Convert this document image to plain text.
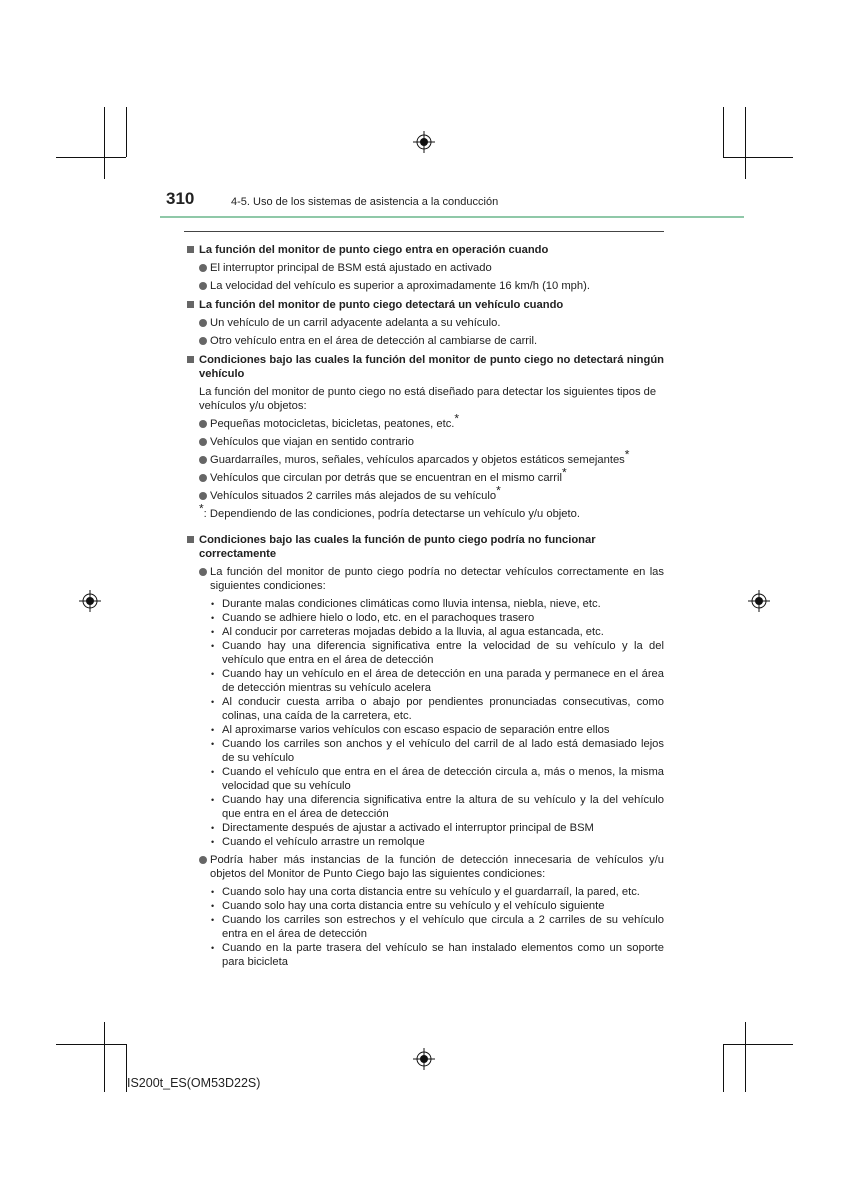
310	4-5. Uso de los sistemas de asistencia a la conducción
La función del monitor de punto ciego entra en operación cuando
El interruptor principal de BSM está ajustado en activado
La velocidad del vehículo es superior a aproximadamente 16 km/h (10 mph).
La función del monitor de punto ciego detectará un vehículo cuando
Un vehículo de un carril adyacente adelanta a su vehículo.
Otro vehículo entra en el área de detección al cambiarse de carril.
Condiciones bajo las cuales la función del monitor de punto ciego no detectará ningún vehículo
La función del monitor de punto ciego no está diseñado para detectar los siguientes tipos de vehículos y/u objetos:
Pequeñas motocicletas, bicicletas, peatones, etc.*
Vehículos que viajan en sentido contrario
Guardarraíles, muros, señales, vehículos aparcados y objetos estáticos semejantes*
Vehículos que circulan por detrás que se encuentran en el mismo carril*
Vehículos situados 2 carriles más alejados de su vehículo*
*: Dependiendo de las condiciones, podría detectarse un vehículo y/u objeto.
Condiciones bajo las cuales la función de punto ciego podría no funcionar correctamente
La función del monitor de punto ciego podría no detectar vehículos correctamente en las siguientes condiciones:
• Durante malas condiciones climáticas como lluvia intensa, niebla, nieve, etc.
• Cuando se adhiere hielo o lodo, etc. en el parachoques trasero
• Al conducir por carreteras mojadas debido a la lluvia, al agua estancada, etc.
• Cuando hay una diferencia significativa entre la velocidad de su vehículo y la del vehículo que entra en el área de detección
• Cuando hay un vehículo en el área de detección en una parada y permanece en el área de detección mientras su vehículo acelera
• Al conducir cuesta arriba o abajo por pendientes pronunciadas consecutivas, como colinas, una caída de la carretera, etc.
• Al aproximarse varios vehículos con escaso espacio de separación entre ellos
• Cuando los carriles son anchos y el vehículo del carril de al lado está demasiado lejos de su vehículo
• Cuando el vehículo que entra en el área de detección circula a, más o menos, la misma velocidad que su vehículo
• Cuando hay una diferencia significativa entre la altura de su vehículo y la del vehículo que entra en el área de detección
• Directamente después de ajustar a activado el interruptor principal de BSM
• Cuando el vehículo arrastre un remolque
Podría haber más instancias de la función de detección innecesaria de vehículos y/u objetos del Monitor de Punto Ciego bajo las siguientes condiciones:
• Cuando solo hay una corta distancia entre su vehículo y el guardarraíl, la pared, etc.
• Cuando solo hay una corta distancia entre su vehículo y el vehículo siguiente
• Cuando los carriles son estrechos y el vehículo que circula a 2 carriles de su vehículo entra en el área de detección
• Cuando en la parte trasera del vehículo se han instalado elementos como un soporte para bicicleta
IS200t_ES(OM53D22S)
